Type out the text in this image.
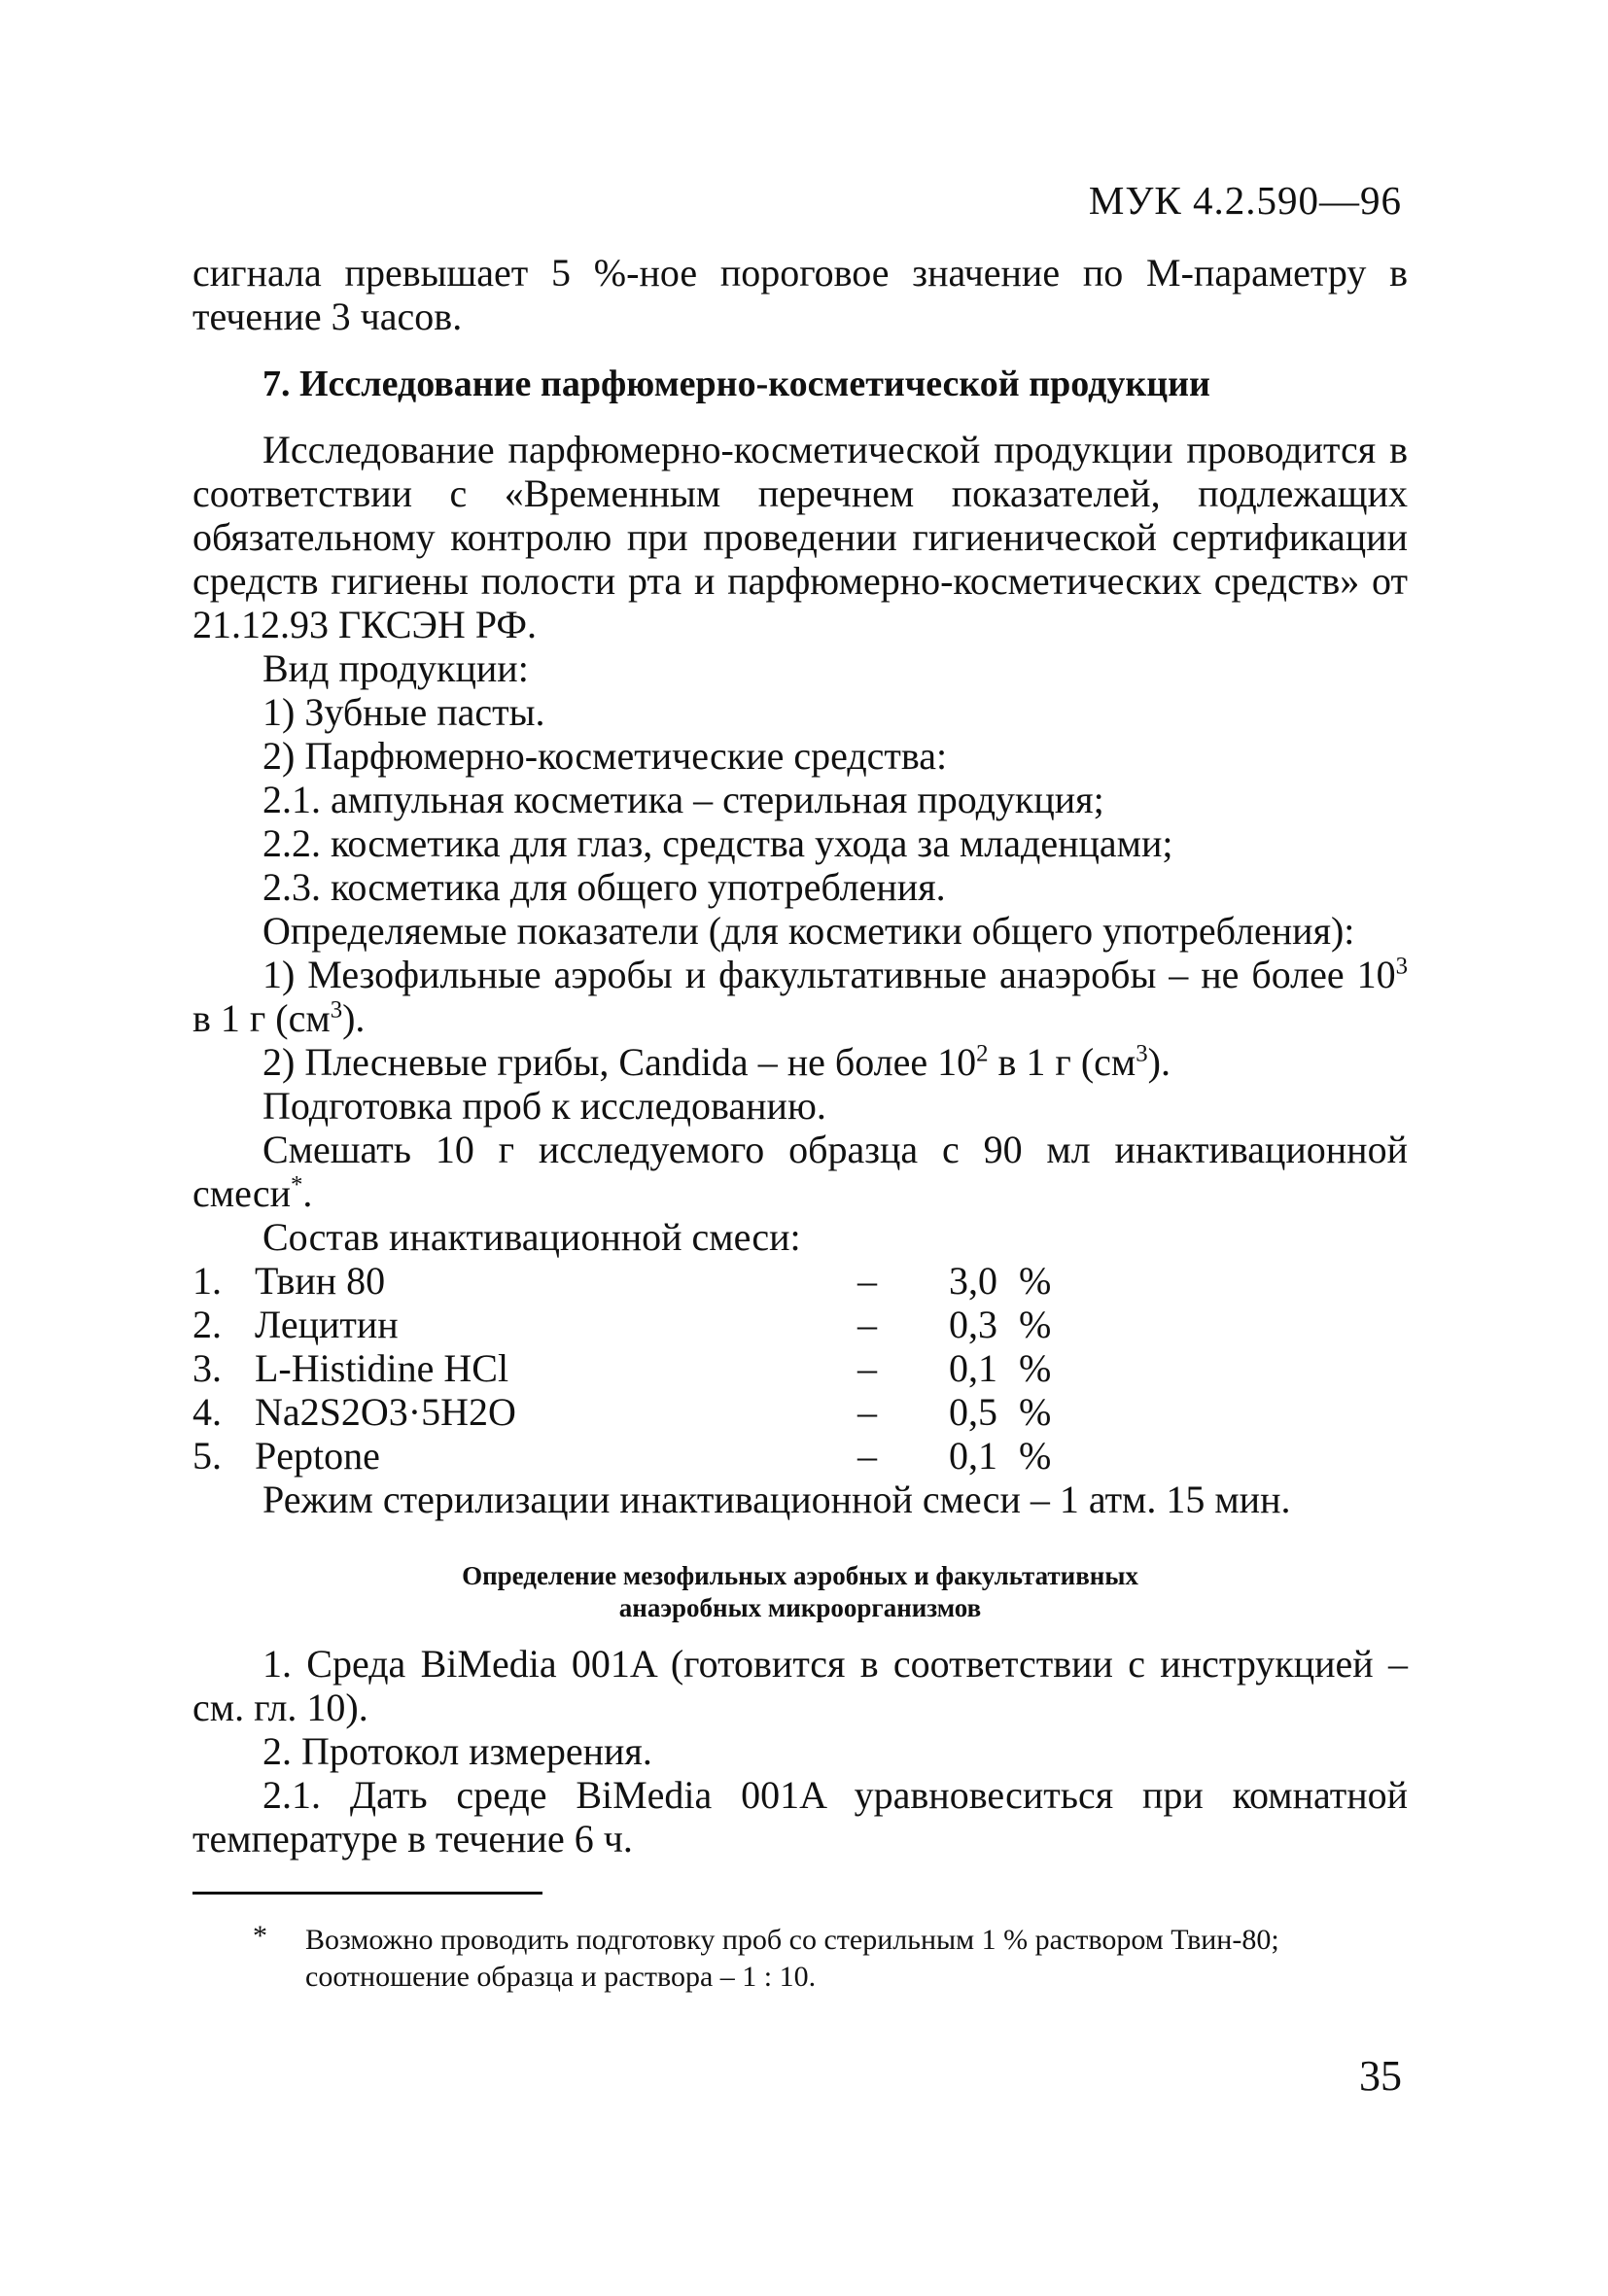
МУК 4.2.590—96

сигнала превышает 5 %-ное пороговое значение по М-параметру в течение 3 часов.

7. Исследование парфюмерно-косметической продукции

Исследование парфюмерно-косметической продукции проводится в соответствии с «Временным перечнем показателей, подлежащих обязательному контролю при проведении гигиенической сертификации средств гигиены полости рта и парфюмерно-косметических средств» от 21.12.93 ГКСЭН РФ.

Вид продукции:

1) Зубные пасты.

2) Парфюмерно-косметические средства:

2.1. ампульная косметика – стерильная продукция;

2.2. косметика для глаз, средства ухода за младенцами;

2.3. косметика для общего употребления.

Определяемые показатели (для косметики общего употребления):

1) Мезофильные аэробы и факультативные анаэробы – не более $10^3$ в 1 г $(см^3)$.

2) Плесневые грибы, Candida – не более $10^2$ в 1 г $(см^3)$.

Подготовка проб к исследованию.

Смешать 10 г исследуемого образца с 90 мл инактивационной смеси*.

Состав инактивационной смеси:

1.	Твин 80	–	3,0	%
2.	Лецитин	–	0,3	%
3.	L-Histidine HCl	–	0,1	%
4.	Na2S2O3·5H2O	–	0,5	%
5.	Peptone	–	0,1	%

Режим стерилизации инактивационной смеси – 1 атм. 15 мин.

Определение мезофильных аэробных и факультативных
анаэробных микроорганизмов

1. Среда BiMedia 001A (готовится в соответствии с инструкцией – см. гл. 10).

2. Протокол измерения.

2.1. Дать среде BiMedia 001A уравновеситься при комнатной температуре в течение 6 ч.

*	Возможно проводить подготовку проб со стерильным 1 % раствором Твин-80; соотношение образца и раствора – 1 : 10.
35
